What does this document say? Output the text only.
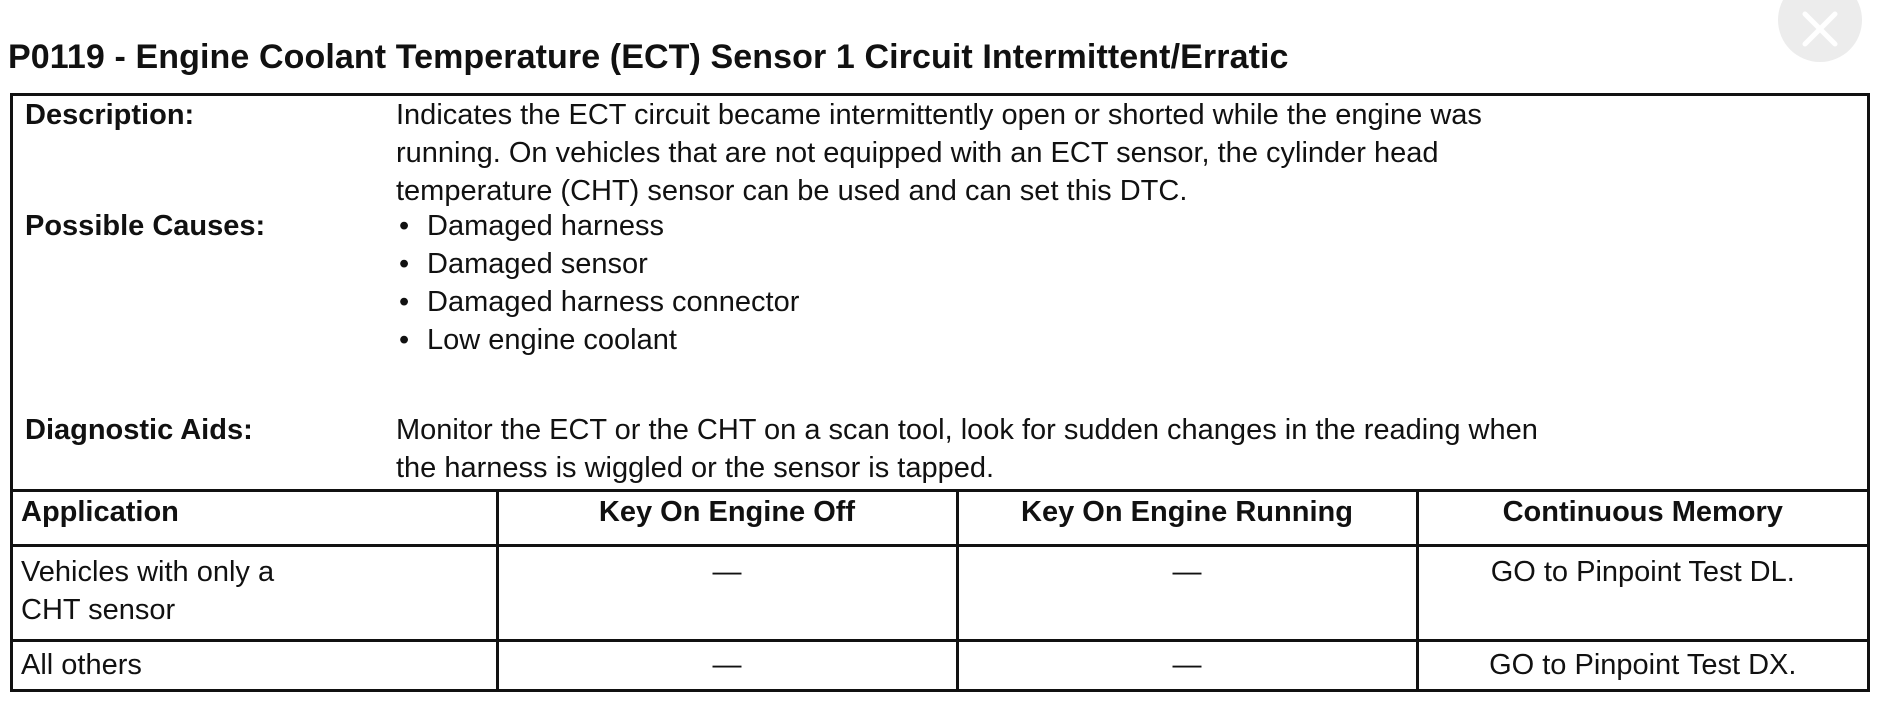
P0119 - Engine Coolant Temperature (ECT) Sensor 1 Circuit Intermittent/Erratic
Description:	Indicates the ECT circuit became intermittently open or shorted while the engine was
running. On vehicles that are not equipped with an ECT sensor, the cylinder head
temperature (CHT) sensor can be used and can set this DTC.
Possible Causes:	• Damaged harness
• Damaged sensor
• Damaged harness connector
• Low engine coolant
Diagnostic Aids:	Monitor the ECT or the CHT on a scan tool, look for sudden changes in the reading when
the harness is wiggled or the sensor is tapped.
Application	Key On Engine Off	Key On Engine Running	Continuous Memory

Vehicles with only a
CHT sensor	—	—	GO to Pinpoint Test DL.

All others	—	—	GO to Pinpoint Test DX.
